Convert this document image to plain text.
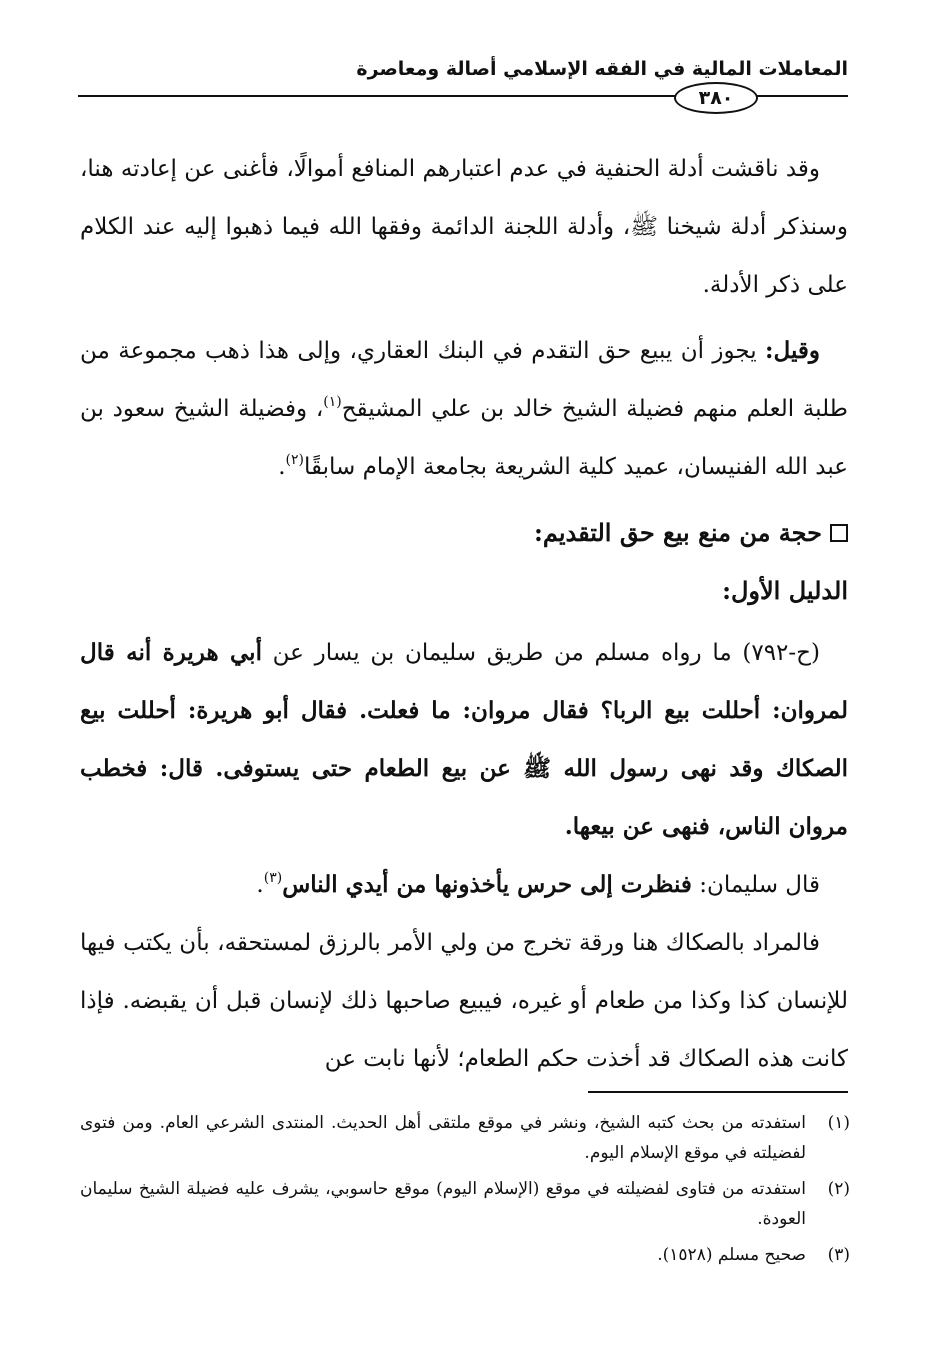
المعاملات المالية في الفقه الإسلامي أصالة ومعاصرة
٣٨٠

وقد ناقشت أدلة الحنفية في عدم اعتبارهم المنافع أموالًا، فأغنى عن إعادته هنا، وسنذكر أدلة شيخنا ﷺ، وأدلة اللجنة الدائمة وفقها الله فيما ذهبوا إليه عند الكلام على ذكر الأدلة.

وقيل: يجوز أن يبيع حق التقدم في البنك العقاري، وإلى هذا ذهب مجموعة من طلبة العلم منهم فضيلة الشيخ خالد بن علي المشيقح$^{(١)}$، وفضيلة الشيخ سعود بن عبد الله الفنيسان، عميد كلية الشريعة بجامعة الإمام سابقًا$^{(٢)}$.

حجة من منع بيع حق التقديم:
الدليل الأول:

(ح-٧٩٢) ما رواه مسلم من طريق سليمان بن يسار عن أبي هريرة أنه قال لمروان: أحللت بيع الربا؟ فقال مروان: ما فعلت. فقال أبو هريرة: أحللت بيع الصكاك وقد نهى رسول الله ﷺ عن بيع الطعام حتى يستوفى. قال: فخطب مروان الناس، فنهى عن بيعها.

قال سليمان: فنظرت إلى حرس يأخذونها من أيدي الناس$^{(٣)}$.

فالمراد بالصكاك هنا ورقة تخرج من ولي الأمر بالرزق لمستحقه، بأن يكتب فيها للإنسان كذا وكذا من طعام أو غيره، فيبيع صاحبها ذلك لإنسان قبل أن يقبضه. فإذا كانت هذه الصكاك قد أخذت حكم الطعام؛ لأنها نابت عن

(١)
استفدته من بحث كتبه الشيخ، ونشر في موقع ملتقى أهل الحديث. المنتدى الشرعي العام. ومن فتوى لفضيلته في موقع الإسلام اليوم.
(٢)
استفدته من فتاوى لفضيلته في موقع (الإسلام اليوم) موقع حاسوبي، يشرف عليه فضيلة الشيخ سليمان العودة.
(٣)
صحيح مسلم (١٥٢٨).
